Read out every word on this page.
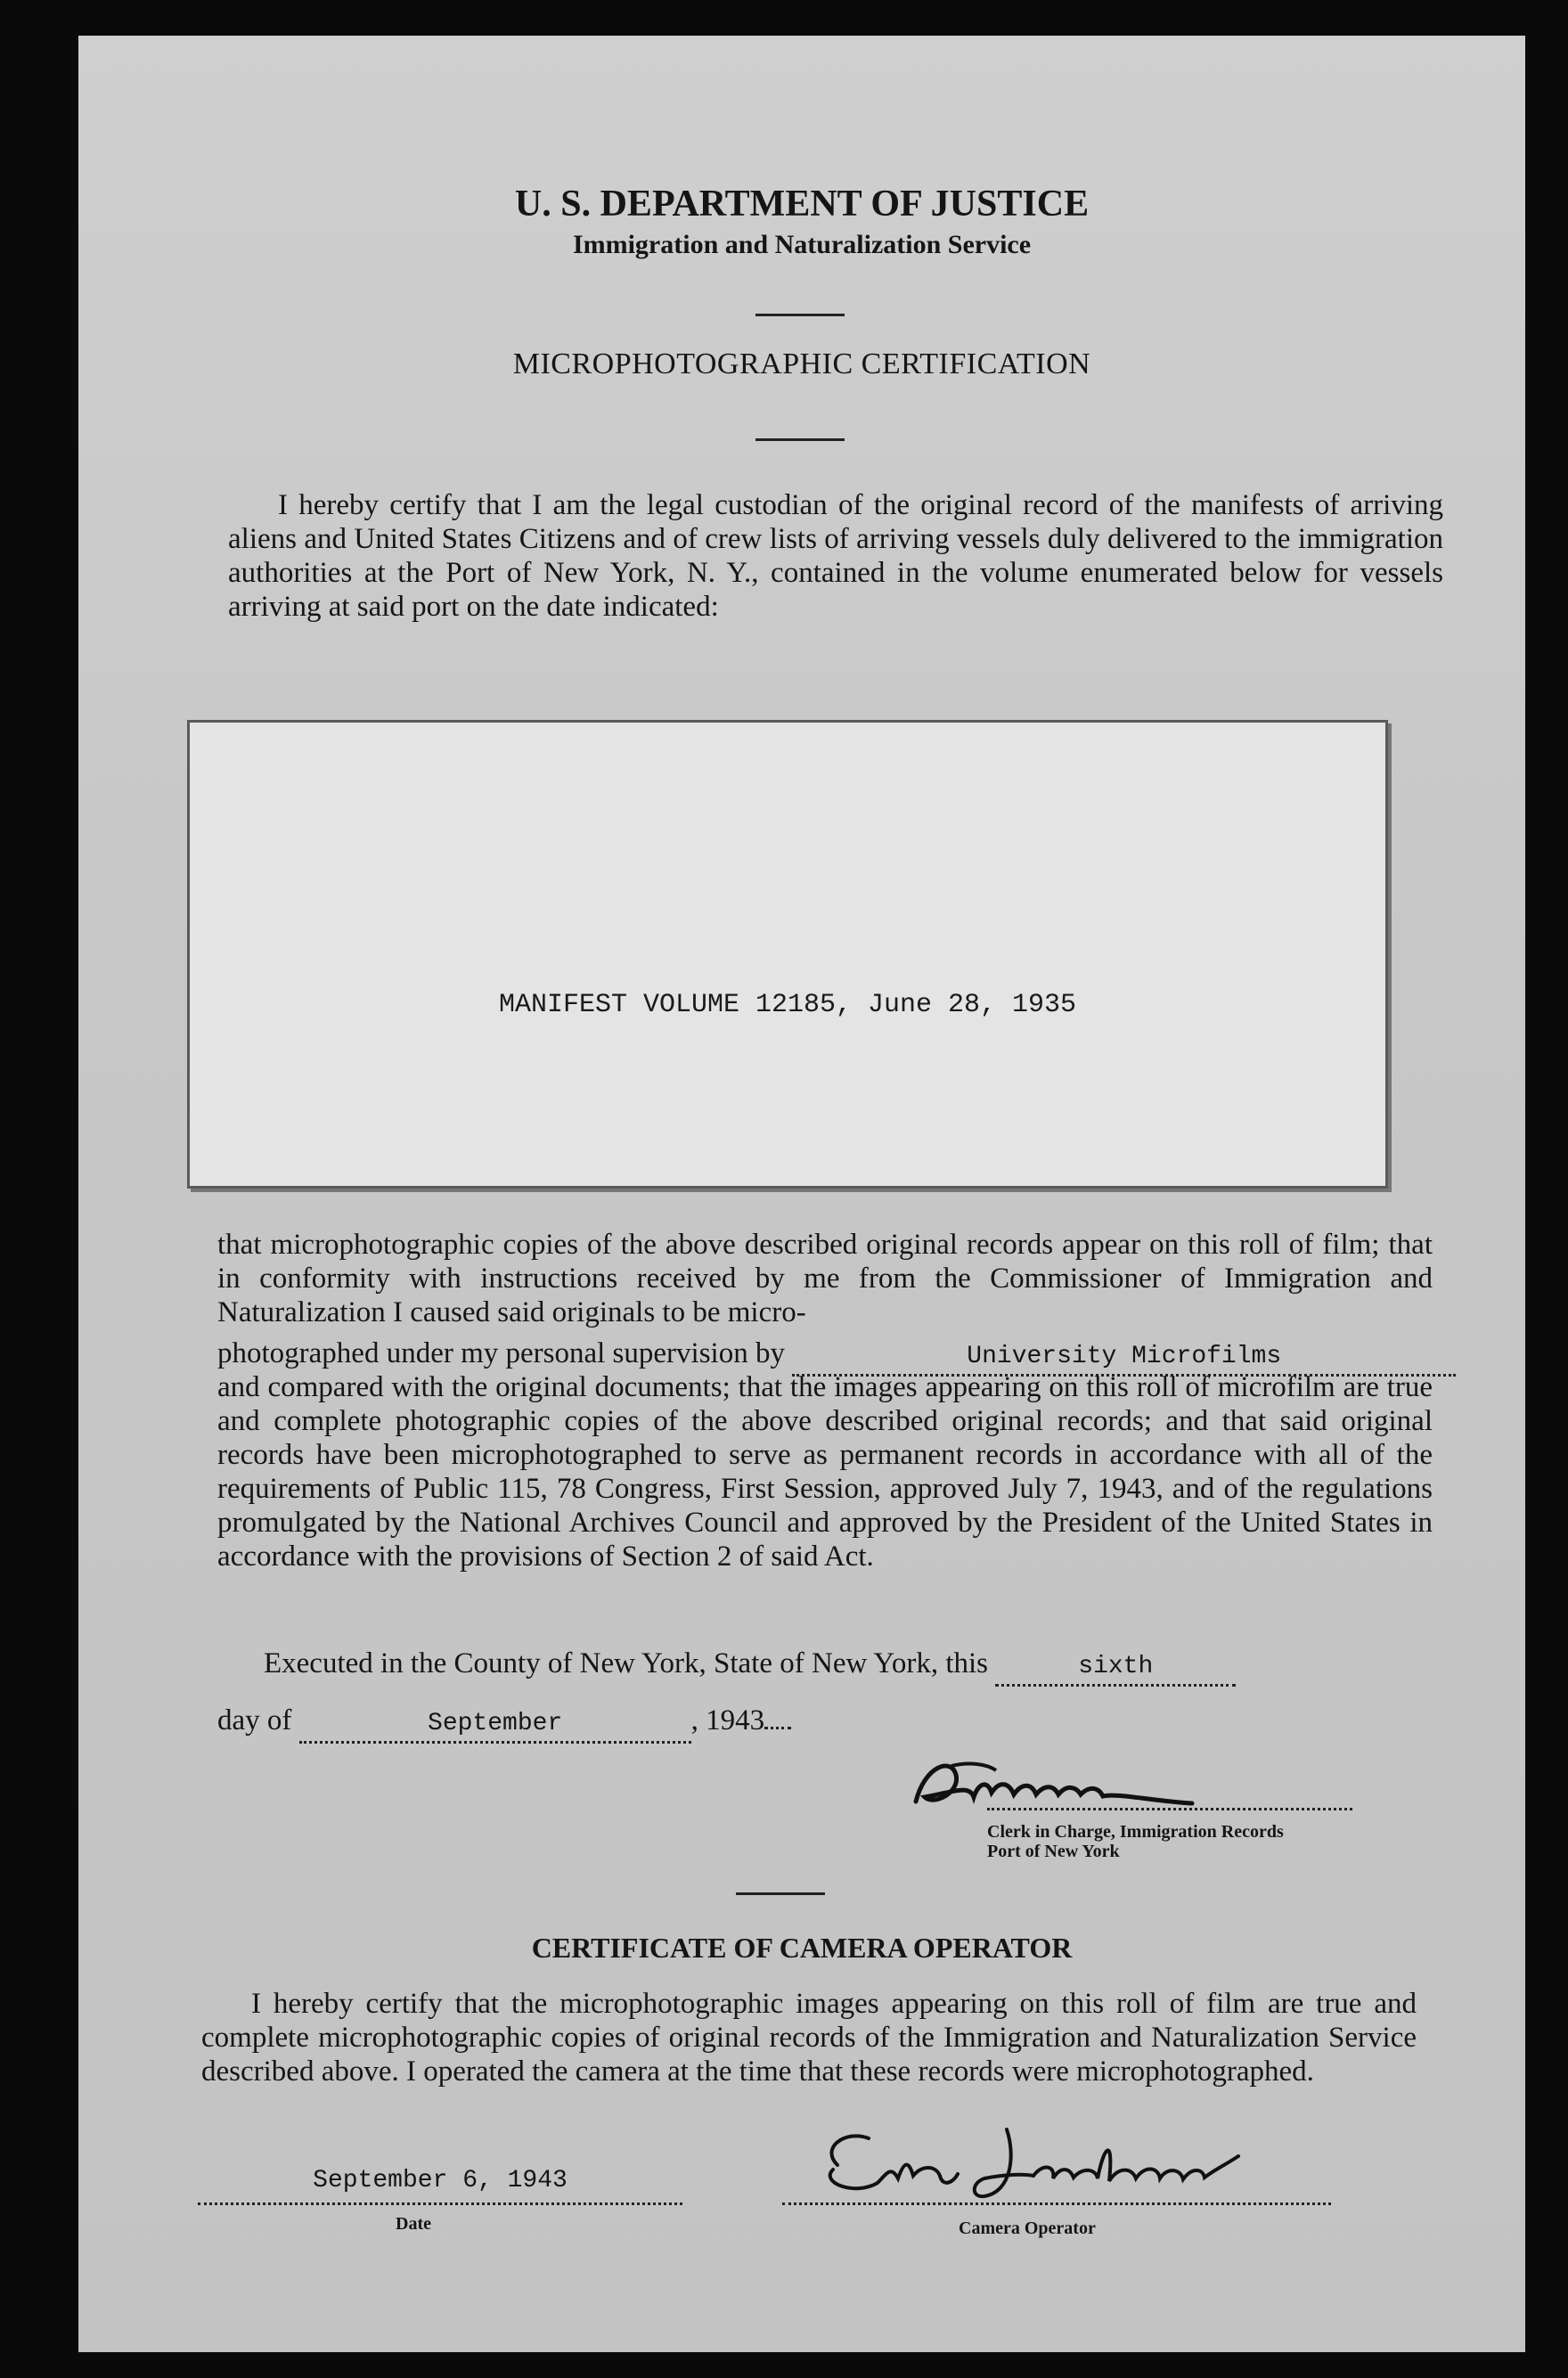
U. S. DEPARTMENT OF JUSTICE
Immigration and Naturalization Service
MICROPHOTOGRAPHIC CERTIFICATION
I hereby certify that I am the legal custodian of the original record of the manifests of arriving aliens and United States Citizens and of crew lists of arriving vessels duly delivered to the immigration authorities at the Port of New York, N. Y., contained in the volume enumerated below for vessels arriving at said port on the date indicated:
MANIFEST VOLUME 12185, June 28, 1935
that microphotographic copies of the above described original records appear on this roll of film; that in conformity with instructions received by me from the Commissioner of Immigration and Naturalization I caused said originals to be micro-
photographed under my personal supervision by	University Microfilms
and compared with the original documents; that the images appearing on this roll of microfilm are true and complete photographic copies of the above described original records; and that said original records have been microphotographed to serve as permanent records in accordance with all of the requirements of Public 115, 78 Congress, First Session, approved July 7, 1943, and of the regulations promulgated by the National Archives Council and approved by the President of the United States in accordance with the provisions of Section 2 of said Act.
Executed in the County of New York, State of New York, this	sixth
day of	September	, 1943
Clerk in Charge, Immigration Records
Port of New York
CERTIFICATE OF CAMERA OPERATOR
I hereby certify that the microphotographic images appearing on this roll of film are true and complete microphotographic copies of original records of the Immigration and Naturalization Service described above. I operated the camera at the time that these records were microphotographed.
September 6, 1943
Date	Camera Operator
